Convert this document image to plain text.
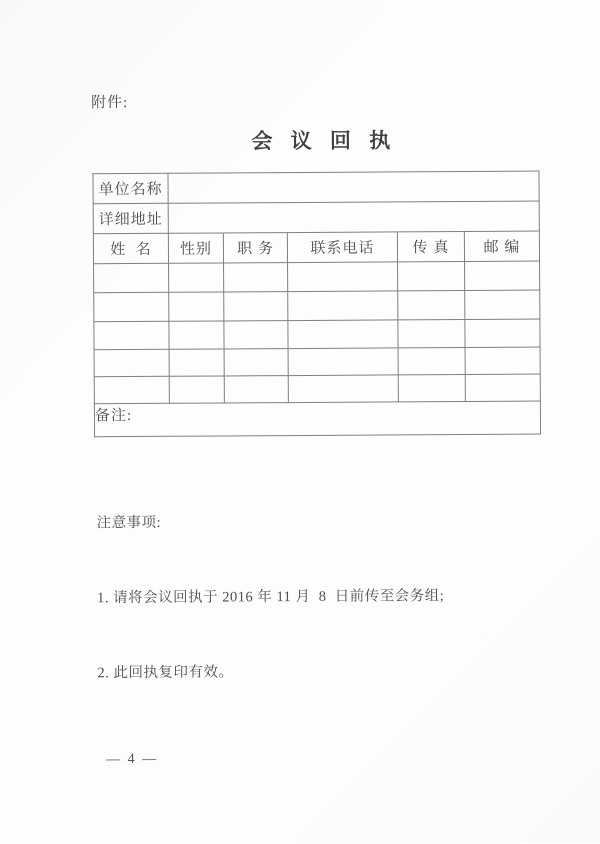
附件:
会 议 回 执
单位名称					
详细地址					
姓  名	性别	职 务	联系电话	传 真	邮 编

备注:					

注意事项:

1. 请将会议回执于 2016 年 11 月  8  日前传至会务组;

2. 此回执复印有效。

— 4 —
